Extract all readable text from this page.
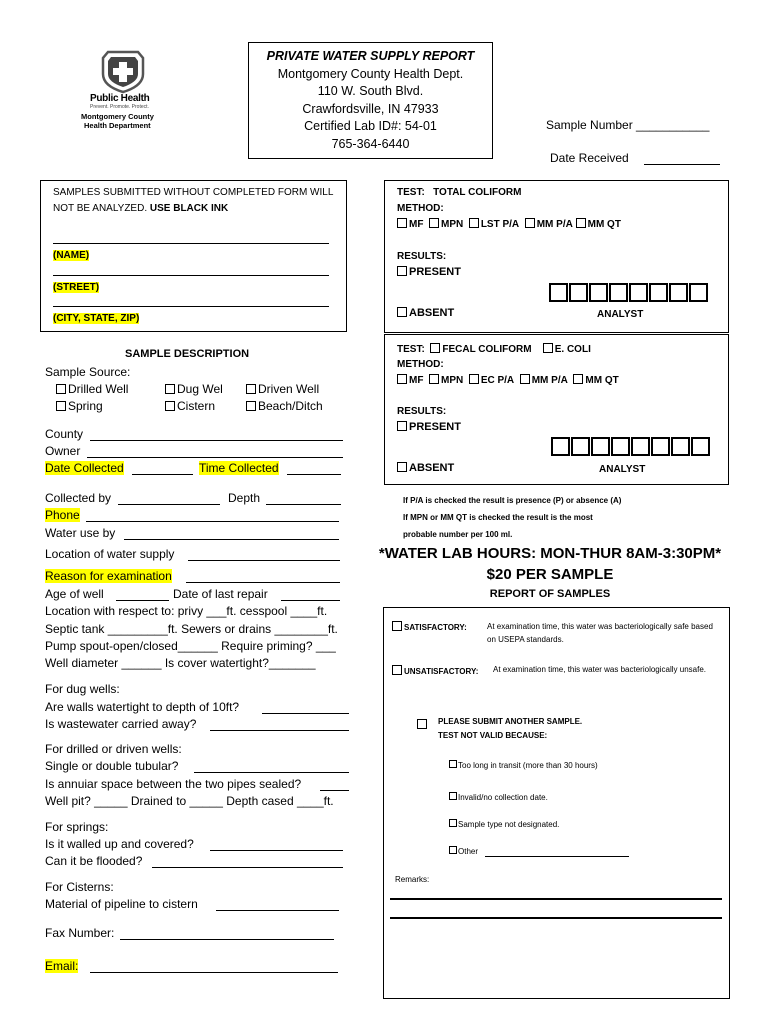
Public Health
Prevent. Promote. Protect.
Montgomery County
Health Department
PRIVATE WATER SUPPLY REPORT
Montgomery County Health Dept.
110 W. South Blvd.
Crawfordsville, IN 47933
Certified Lab ID#: 54-01
765-364-6440
Sample Number ___________
Date Received
SAMPLES SUBMITTED WITHOUT COMPLETED FORM WILL
NOT BE ANALYZED. USE BLACK INK
(NAME)
(STREET)
(CITY, STATE, ZIP)
TEST: TOTAL COLIFORM
METHOD:
MF MPN LST P/A MM P/A MM QT
RESULTS:
PRESENT
ABSENT	ANALYST
TEST: FECAL COLIFORM E. COLI
METHOD:
MF MPN EC P/A MM P/A MM QT
RESULTS:
PRESENT
ABSENT	ANALYST
SAMPLE DESCRIPTION
Sample Source:
Drilled Well	Dug Wel	Driven Well
Spring	Cistern	Beach/Ditch
County
Owner
Date Collected	Time Collected
Collected by	Depth
Phone
Water use by
Location of water supply
Reason for examination
Age of well	Date of last repair
Location with respect to: privy ___ft. cesspool ____ft.
Septic tank _________ft. Sewers or drains ________ft.
Pump spout-open/closed______ Require priming? ___
Well diameter ______ Is cover watertight?_______
For dug wells:
Are walls watertight to depth of 10ft?
Is wastewater carried away?
For drilled or driven wells:
Single or double tubular?
Is annuiar space between the two pipes sealed?
Well pit? _____ Drained to _____ Depth cased ____ft.
For springs:
Is it walled up and covered?
Can it be flooded?
For Cisterns:
Material of pipeline to cistern
Fax Number:
Email:
If P/A is checked the result is presence (P) or absence (A)
If MPN or MM QT is checked the result is the most
probable number per 100 ml.
*WATER LAB HOURS: MON-THUR 8AM-3:30PM*
$20 PER SAMPLE
REPORT OF SAMPLES
SATISFACTORY:	At examination time, this water was bacteriologically safe based
on USEPA standards.
UNSATISFACTORY: At examination time, this water was bacteriologically unsafe.
PLEASE SUBMIT ANOTHER SAMPLE.
TEST NOT VALID BECAUSE:
Too long in transit (more than 30 hours)
Invalid/no collection date.
Sample type not designated.
Other
Remarks:
